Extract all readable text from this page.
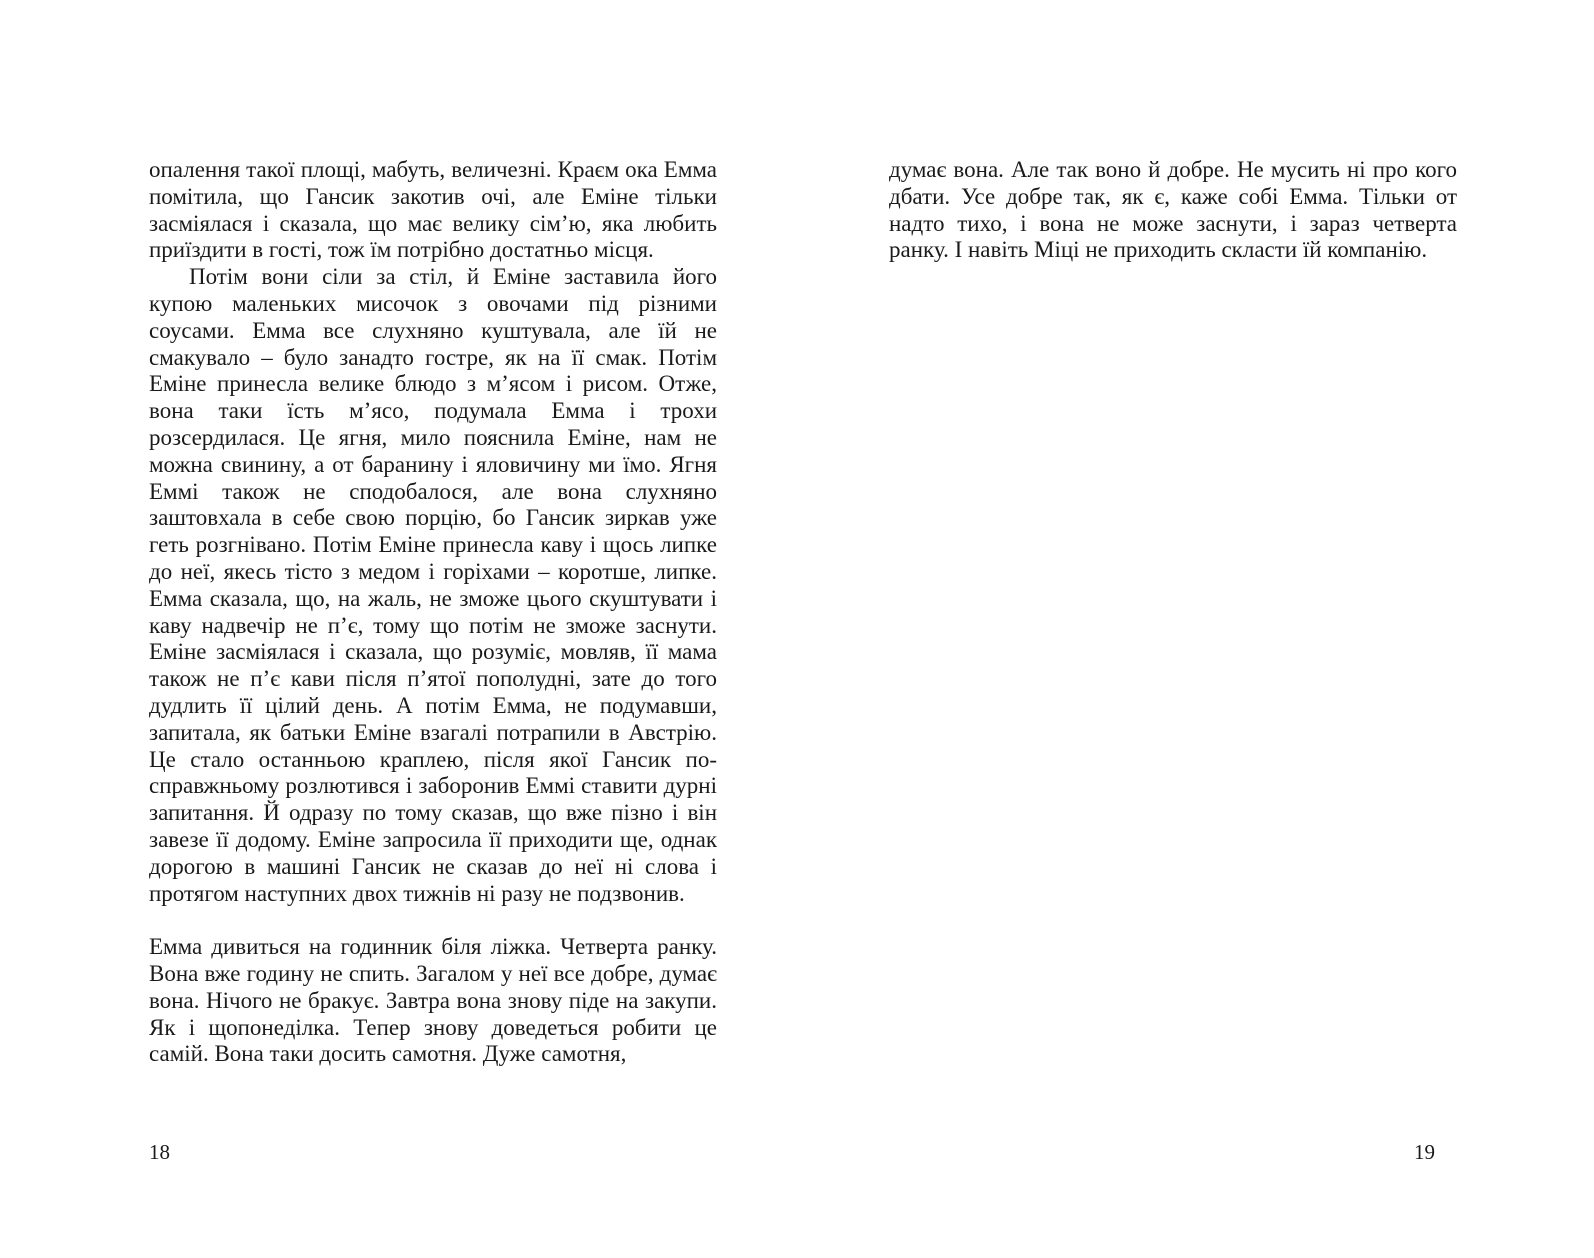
опалення такої площі, мабуть, величезні. Краєм ока Емма помітила, що Гансик закотив очі, але Еміне тільки засміялася і сказала, що має велику сім’ю, яка любить приїздити в гості, тож їм потрібно достатньо місця.

Потім вони сіли за стіл, й Еміне заставила його купою маленьких мисочок з овочами під різними соусами. Емма все слухняно куштувала, але їй не смакувало – було занадто гостре, як на її смак. Потім Еміне принесла велике блюдо з м’ясом і рисом. Отже, вона таки їсть м’ясо, подумала Емма і трохи розсердилася. Це ягня, мило пояснила Еміне, нам не можна свинину, а от баранину і яловичину ми їмо. Ягня Еммі також не сподобалося, але вона слухняно заштовхала в себе свою порцію, бо Гансик зиркав уже геть розгнівано. Потім Еміне принесла каву і щось липке до неї, якесь тісто з медом і горіхами – коротше, липке. Емма сказала, що, на жаль, не зможе цього скуштувати і каву надвечір не п’є, тому що потім не зможе заснути. Еміне засміялася і сказала, що розуміє, мовляв, її мама також не п’є кави після п’ятої пополудні, зате до того дудлить її цілий день. А потім Емма, не подумавши, запитала, як батьки Еміне взагалі потрапили в Австрію. Це стало останньою краплею, після якої Гансик по-справжньому розлютився і заборонив Еммі ставити дурні запитання. Й одразу по тому сказав, що вже пізно і він завезе її додому. Еміне запросила її приходити ще, однак дорогою в машині Гансик не сказав до неї ні слова і протягом наступних двох тижнів ні разу не подзвонив.

Емма дивиться на годинник біля ліжка. Четверта ранку. Вона вже годину не спить. Загалом у неї все добре, думає вона. Нічого не бракує. Завтра вона знову піде на закупи. Як і щопонеділка. Тепер знову доведеться робити це самій. Вона таки досить самотня. Дуже самотня,

18

думає вона. Але так воно й добре. Не мусить ні про кого дбати. Усе добре так, як є, каже собі Емма. Тільки от надто тихо, і вона не може заснути, і зараз четверта ранку. І навіть Міці не приходить скласти їй компанію.

19
